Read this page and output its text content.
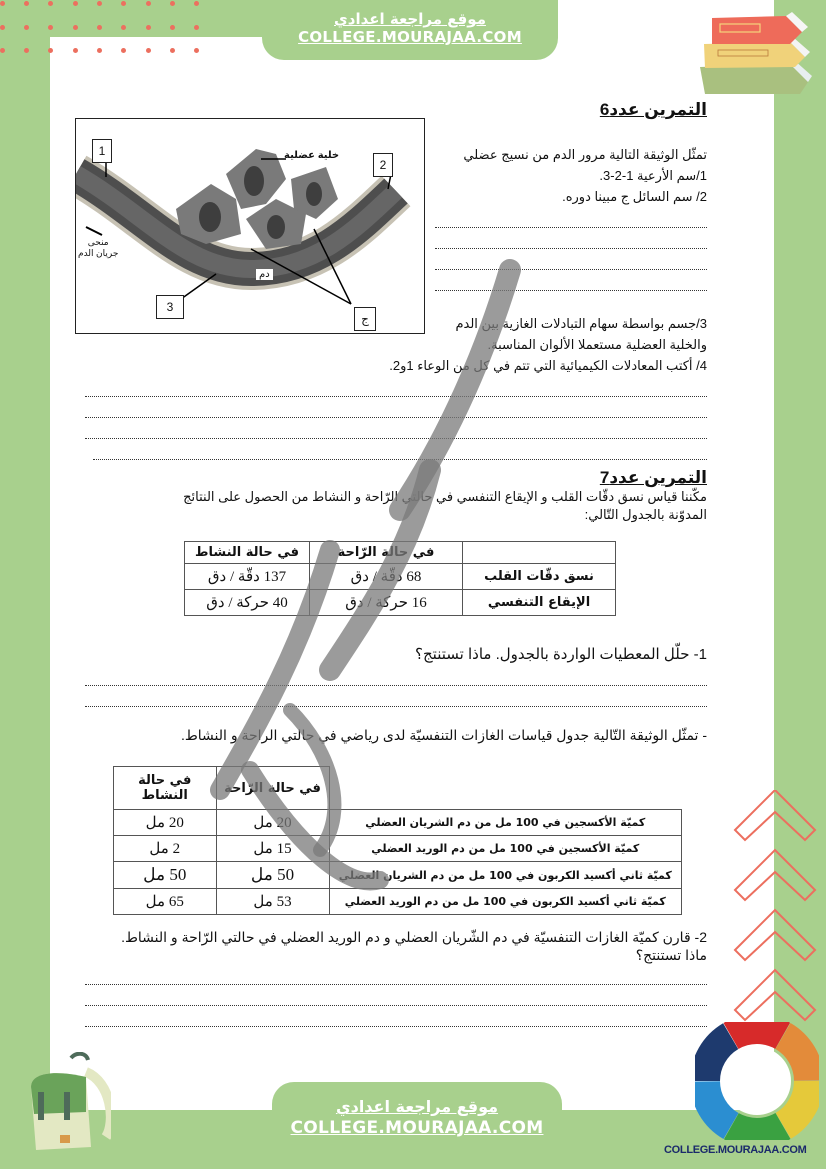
موقع مراجعة اعدادي
COLLEGE.MOURAJAA.COM
1
2
3
ج
خلية عضلية
دم
منحى
جريان الدم
التمرين عدد6
تمثّل الوثيقة التالية مرور الدم من نسيج عضلي
1/سم الأرعية 1-2-3.
2/ سم السائل ج مبينا دوره.
3/جسم بواسطة سهام التبادلات الغازية بين الدم
والخلية العضلية مستعملا الألوان المناسبة.
4/ أكتب المعادلات الكيميائية التي تتم في كل من الوعاء 1و2.
التمرين عدد7
مكّننا قياس نسق دقّات القلب و الإيقاع التنفسي في حالتي الرّاحة و النشاط من الحصول على النتائج
المدوّنة بالجدول التّالي:
	في حالة الرّاحة	في حالة النشاط
نسق دقّات القلب	68 دقّة / دق	137 دقّة / دق
الإيقاع التنفسي	16 حركة / دق	40 حركة / دق
1- حلّل المعطيات الواردة بالجدول. ماذا تستنتج؟
- تمثّل الوثيقة التّالية جدول قياسات الغازات التنفسيّة لدى رياضي في حالتي الراحة و النشاط.
	في حالة الرّاحة	في حالة النشاط
كميّة الأكسجين في 100 مل من دم الشريان العضلي	20 مل	20 مل
كميّة الأكسجين في 100 مل من دم الوريد العضلي	15 مل	2 مل
كميّة ثاني أكسيد الكربون في 100 مل من دم الشريان العضلي	50 مل	50 مل
كميّة ثاني أكسيد الكربون في 100 مل من دم الوريد العضلي	53 مل	65 مل
2- قارن كميّة الغازات التنفسيّة في دم الشّريان العضلي و دم الوريد العضلي في حالتي الرّاحة و النشاط.
ماذا تستنتج؟
COLLEGE.MOURAJAA.COM
موقع مراجعة اعدادي
COLLEGE.MOURAJAA.COM
